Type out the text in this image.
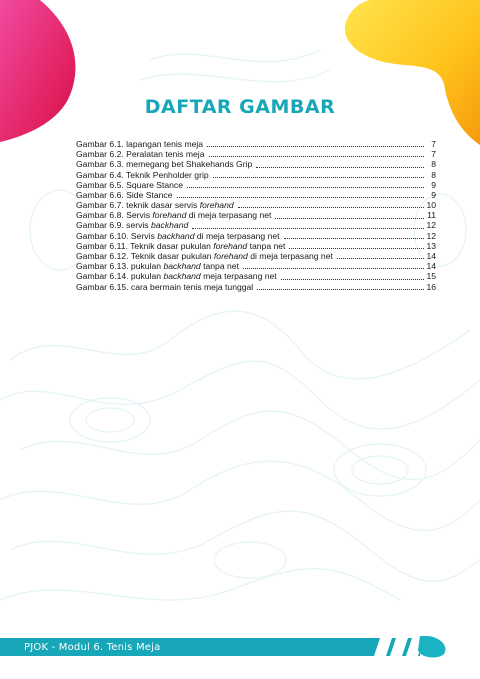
DAFTAR GAMBAR
Gambar 6.1. lapangan tenis meja	7
Gambar 6.2. Peralatan tenis meja	7
Gambar 6.3. memegang bet Shakehands Grip	8
Gambar 6.4. Teknik Penholder grip	8
Gambar 6.5. Square Stance	9
Gambar 6.6. Side Stance	9
Gambar 6.7. teknik dasar servis forehand	10
Gambar 6.8. Servis forehand di meja terpasang net	11
Gambar 6.9. servis backhand	12
Gambar 6.10. Servis backhand di meja terpasang net	12
Gambar 6.11. Teknik dasar pukulan forehand tanpa net	13
Gambar 6.12. Teknik dasar pukulan forehand di meja terpasang net	14
Gambar 6.13. pukulan backhand tanpa net	14
Gambar 6.14. pukulan backhand meja terpasang net	15
Gambar 6.15. cara bermain tenis meja tunggal	16
PJOK - Modul 6. Tenis Meja
